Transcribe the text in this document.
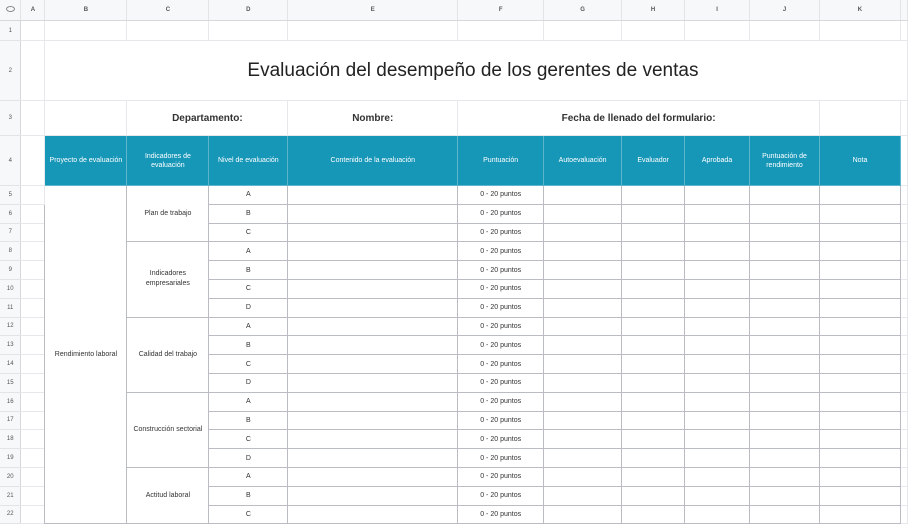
	A	B	C	D	E	F	G	H	I	J	K	
1												
2		Evaluación del desempeño de los gerentes de ventas										
3			Departamento:		Nombre:	Fecha de llenado del formulario:						
4		Proyecto de evaluación	Indicadores de evaluación	Nivel de evaluación	Contenido de la evaluación	Puntuación	Autoevaluación	Evaluador	Aprobada	Puntuación de rendimiento	Nota	
5		Rendimiento laboral	Plan de trabajo	A		0 - 20 puntos						
6				B		0 - 20 puntos						
7				C		0 - 20 puntos						
8			Indicadores empresariales	A		0 - 20 puntos						
9				B		0 - 20 puntos						
10				C		0 - 20 puntos						
11				D		0 - 20 puntos						
12			Calidad del trabajo	A		0 - 20 puntos						
13				B		0 - 20 puntos						
14				C		0 - 20 puntos						
15				D		0 - 20 puntos						
16			Construcción sectorial	A		0 - 20 puntos						
17				B		0 - 20 puntos						
18				C		0 - 20 puntos						
19				D		0 - 20 puntos						
20			Actitud laboral	A		0 - 20 puntos						
21				B		0 - 20 puntos						
22				C		0 - 20 puntos						
